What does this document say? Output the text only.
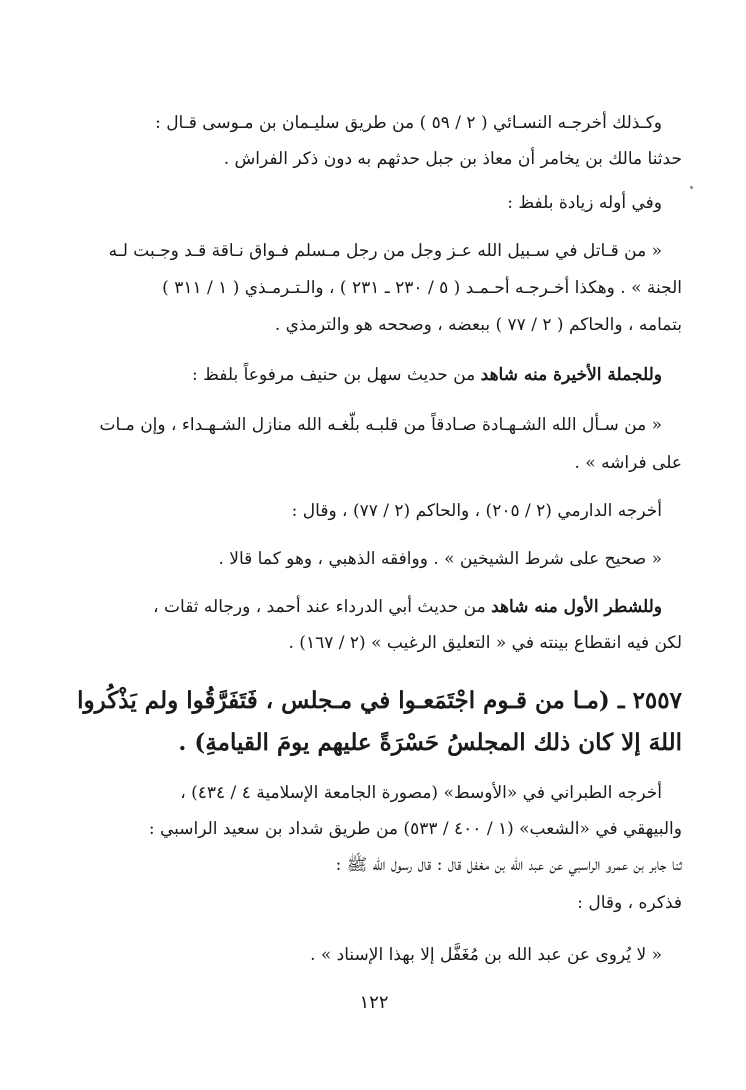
وكـذلك أخرجـه النسـائي ( ٢ / ٥٩ ) من طريق سليـمان بن مـوسى قـال :
حدثنا مالك بن يخامر أن معاذ بن جبل حدثهم به دون ذكر الفراش .
وفي أوله زيادة بلفظ :
« من قـاتل في سـبيل الله عـز وجل من رجل مـسلم فـواق نـاقة قـد وجـبت لـه
الجنة » . وهكذا أخـرجـه أحـمـد ( ٥ / ٢٣٠ ـ ٢٣١ ) ، والـتـرمـذي ( ١ / ٣١١ )
بتمامه ، والحاكم ( ٢ / ٧٧ ) ببعضه ، وصححه هو والترمذي .
وللجملة الأخيرة منه شاهد من حديث سهل بن حنيف مرفوعاً بلفظ :
« من سـأل الله الشـهـادة صـادقاً من قلبـه بلّغـه الله منازل الشـهـداء ، وإن مـات
على فراشه » .
أخرجه الدارمي (٢ / ٢٠٥) ، والحاكم (٢ / ٧٧) ، وقال :
« صحيح على شرط الشيخين » . ووافقه الذهبي ، وهو كما قالا .
وللشطر الأول منه شاهد من حديث أبي الدرداء عند أحمد ، ورجاله ثقات ،
لكن فيه انقطاع بينته في « التعليق الرغيب » (٢ / ١٦٧) .
٢٥٥٧ ـ (مـا من قـوم اجْتَمَعـوا في مـجلس ، فَتَفَرَّقُوا ولم يَذْكُروا
اللهَ إلا كان ذلك المجلسُ حَسْرَةً عليهم يومَ القيامةِ) .
أخرجه الطبراني في «الأوسط» (مصورة الجامعة الإسلامية ٤ / ٤٣٤) ،
والبيهقي في «الشعب» (١ / ٤٠٠ / ٥٣٣) من طريق شداد بن سعيد الراسبي :
ثنا جابر بن عمرو الراسبي عن عبد الله بن مغفل قال : قال رسول الله ﷺ :
فذكره ، وقال :
« لا يُروى عن عبد الله بن مُغَفَّل إلا بهذا الإسناد » .
١٢٢
